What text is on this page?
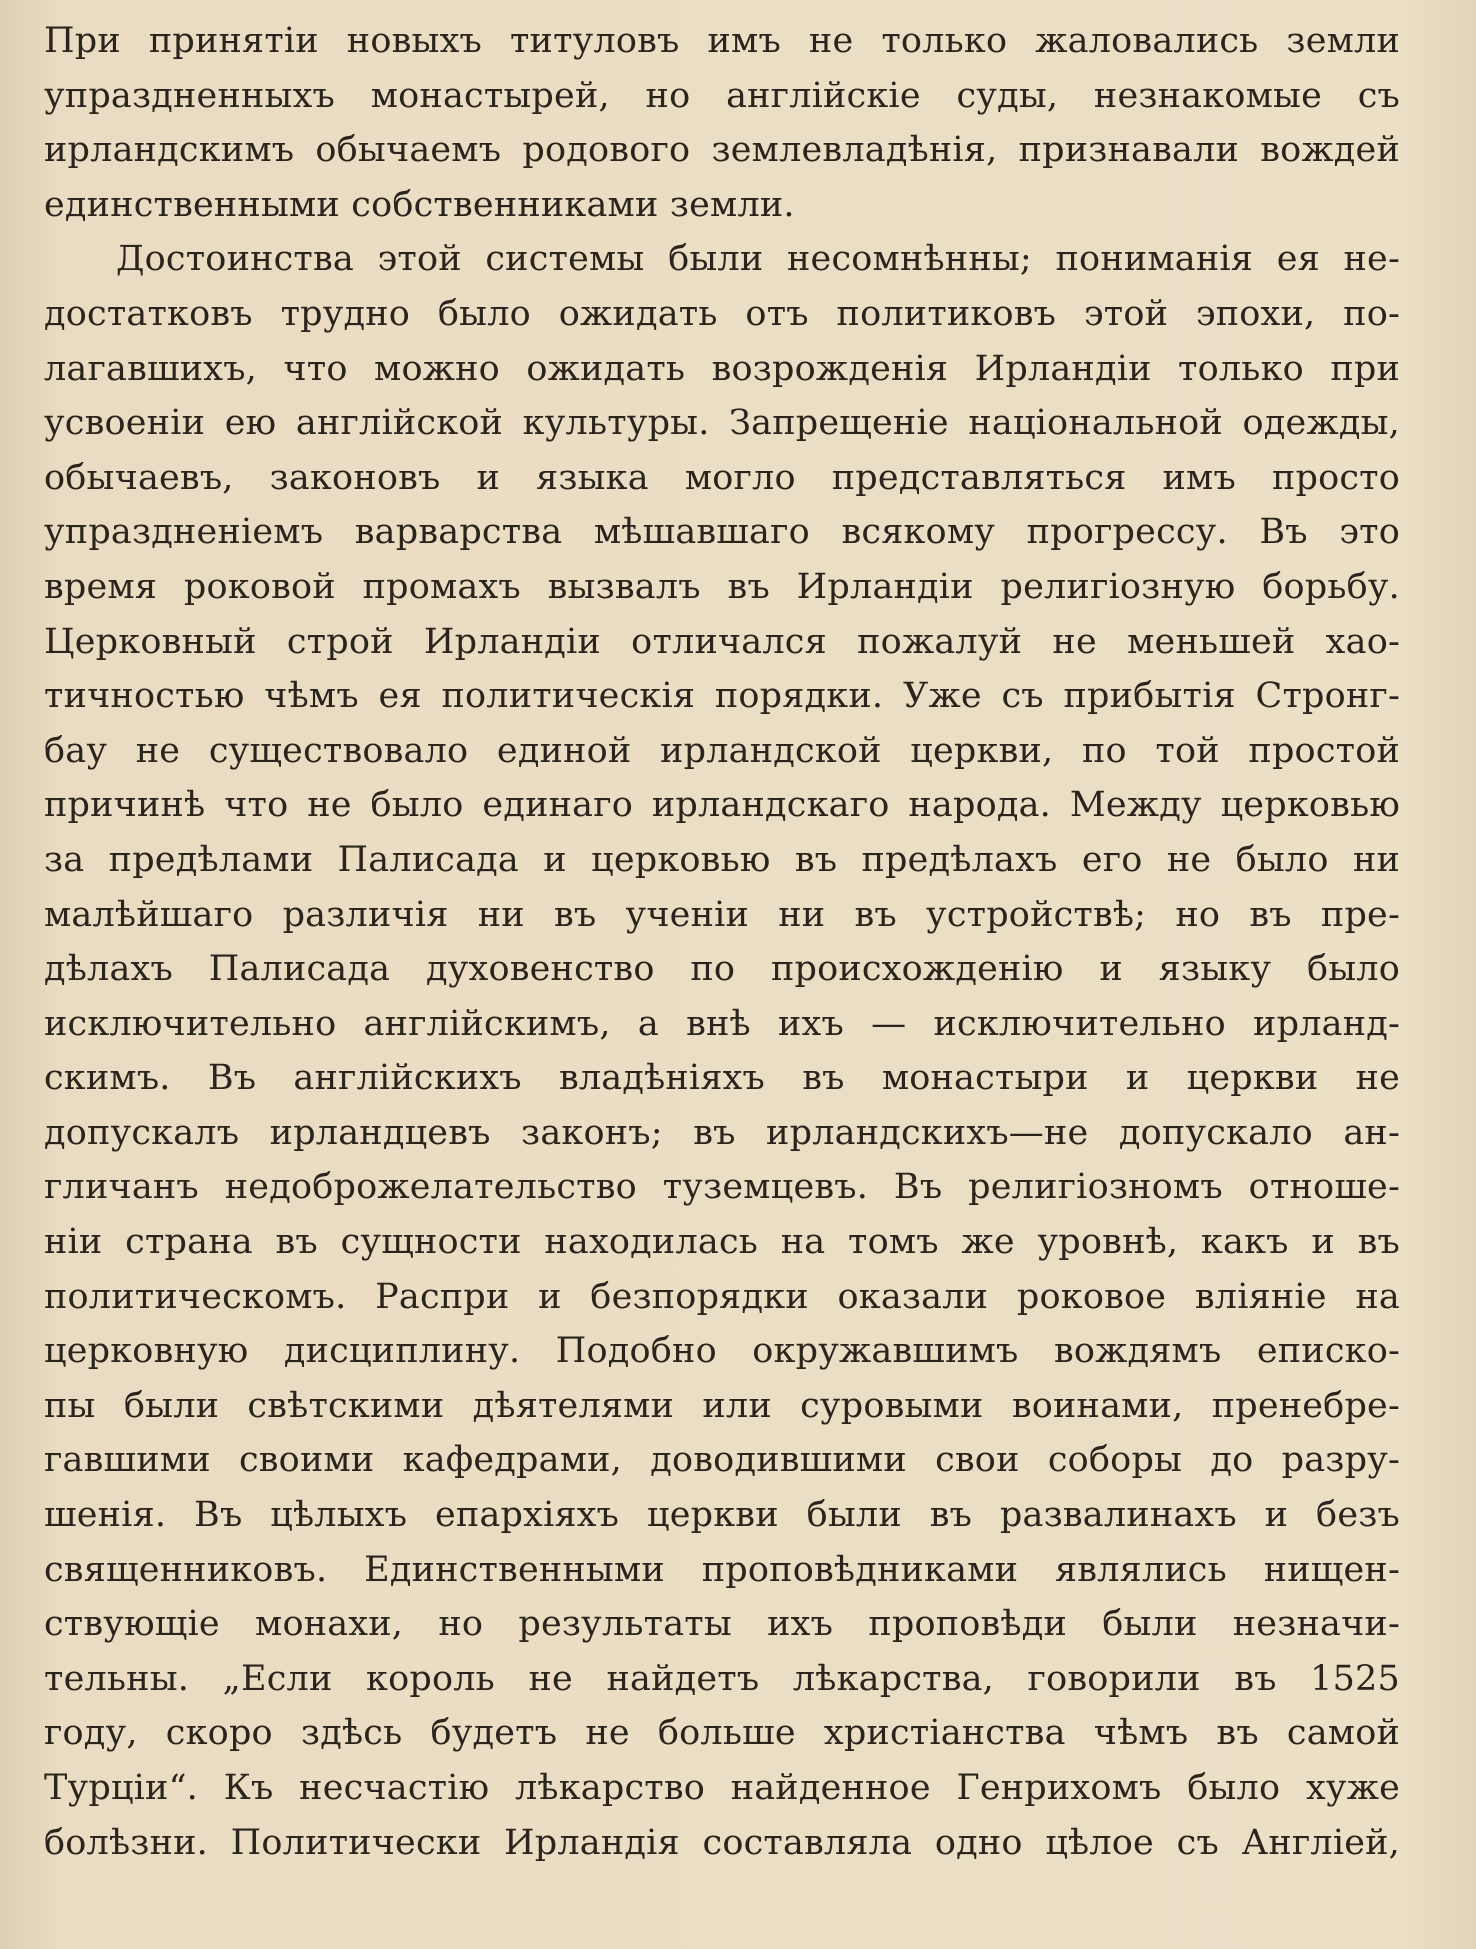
При принятіи новыхъ титуловъ имъ не только жаловались земли
упраздненныхъ монастырей, но англійскіе суды, незнакомые съ
ирландскимъ обычаемъ родового землевладѣнія, признавали вождей
единственными собственниками земли.
Достоинства этой системы были несомнѣнны; пониманія ея не-
достатковъ трудно было ожидать отъ политиковъ этой эпохи, по-
лагавшихъ, что можно ожидать возрожденія Ирландіи только при
усвоеніи ею англійской культуры. Запрещеніе національной одежды,
обычаевъ, законовъ и языка могло представляться имъ просто
упраздненіемъ варварства мѣшавшаго всякому прогрессу. Въ это
время роковой промахъ вызвалъ въ Ирландіи религіозную борьбу.
Церковный строй Ирландіи отличался пожалуй не меньшей хао-
тичностью чѣмъ ея политическія порядки. Уже съ прибытія Стронг-
бау не существовало единой ирландской церкви, по той простой
причинѣ что не было единаго ирландскаго народа. Между церковью
за предѣлами Палисада и церковью въ предѣлахъ его не было ни
малѣйшаго различія ни въ ученіи ни въ устройствѣ; но въ пре-
дѣлахъ Палисада духовенство по происхожденію и языку было
исключительно англійскимъ, а внѣ ихъ — исключительно ирланд-
скимъ. Въ англійскихъ владѣніяхъ въ монастыри и церкви не
допускалъ ирландцевъ законъ; въ ирландскихъ—не допускало ан-
гличанъ недоброжелательство туземцевъ. Въ религіозномъ отноше-
ніи страна въ сущности находилась на томъ же уровнѣ, какъ и въ
политическомъ. Распри и безпорядки оказали роковое вліяніе на
церковную дисциплину. Подобно окружавшимъ вождямъ еписко-
пы были свѣтскими дѣятелями или суровыми воинами, пренебре-
гавшими своими кафедрами, доводившими свои соборы до разру-
шенія. Въ цѣлыхъ епархіяхъ церкви были въ развалинахъ и безъ
священниковъ. Единственными проповѣдниками являлись нищен-
ствующіе монахи, но результаты ихъ проповѣди были незначи-
тельны. „Если король не найдетъ лѣкарства, говорили въ 1525
году, скоро здѣсь будетъ не больше христіанства чѣмъ въ самой
Турціи“. Къ несчастію лѣкарство найденное Генрихомъ было хуже
болѣзни. Политически Ирландія составляла одно цѣлое съ Англіей,
